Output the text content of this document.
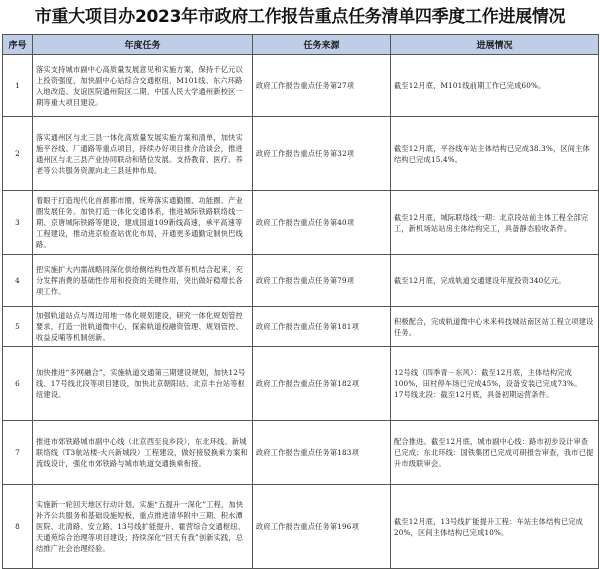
市重大项目办2023年市政府工作报告重点任务清单四季度工作进展情况
序号	年度任务	任务来源	进展情况
1	落实支持城市副中心高质量发展意见和实施方案，保持千亿元以上投资强度，加快副中心站综合交通枢纽、M101线、东六环路入地改造、友谊医院通州院区二期、中国人民大学通州新校区一期等重大项目建设。	政府工作报告重点任务第27项	截至12月底，M101线前期工作已完成60%。

2	落实通州区与北三县一体化高质量发展实施方案和清单，加快实施平谷线、厂通路等重点项目，持续办好项目推介洽谈会，推进通州区与北三县产业协同联动和错位发展。支持教育、医疗、养老等公共服务资源向北三县延伸布局。	政府工作报告重点任务第32项	截至12月底，平谷线车站主体结构已完成38.3%，区间主体结构已完成15.4%。

3	着眼于打造现代化首都都市圈，统筹落实通勤圈、功能圈、产业圈发展任务。加快打造一体化交通体系，推进城际铁路联络线一期、京唐城际铁路等建设，建成国道109新线高速，承平高速等工程建设，推动进京检查站优化布局，开通更多通勤定制快巴线路。	政府工作报告重点任务第40项	截至12月底，城际联络线一期：北京段站前主体工程全部完工，新机场站站房主体结构完工，具备静态验收条件。

4	把实施扩大内需战略同深化供给侧结构性改革有机结合起来，充分发挥消费的基础性作用和投资的关键作用，突出做好稳增长各项工作。	政府工作报告重点任务第79项	截至12月底，完成轨道交通建设年度投资340亿元。

5	加强轨道站点与周边用地一体化规划建设，研究一体化规划管控要求，打造一批轨道微中心，探索轨道投融资管理、规划管控、收益反哺等机制创新。	政府工作报告重点任务第181项	积极配合，完成轨道微中心未来科技城站南区站工程立项建设任务。

6	加快推进“多网融合”，实施轨道交通第三期建设规划，加快12号线、17号线北段等项目建设，加快北京朝阳站、北京丰台站等枢纽建设。	政府工作报告重点任务第182项	12号线（四季青－东风）：截至12月底，主体结构完成100%，田村停车场已完成45%，设备安装已完成73%。
17号线北段：截至12月底，具备初期运营条件。

7	推进市郊铁路城市副中心线（北京西至良乡段），东北环线、新城联络线（T3航站楼-大兴新城段）工程建设，做好接驳换乘方案和流线设计，强化市郊铁路与城市轨道交通换乘衔接。	政府工作报告重点任务第183项	配合推进。截至12月底，城市副中心线：路市初步设计审查已完成；东北环线：国铁集团已完成可研报告审查，我市已提升市级联审会。

8	实施新一轮回天地区行动计划，实施“五提升一深化”工程，加快补齐公共服务和基础设施短板，重点推进清华附中三期、积水潭医院、北清路、安立路、13号线扩能提升、霍营综合交通枢纽、天通苑综合治理等项目建设；持续深化“回天有我”创新实践，总结推广社会治理经验。	政府工作报告重点任务第196项	截至12月底，13号线扩能提升工程：车站主体结构已完成20%，区间主体结构已完成10%。
